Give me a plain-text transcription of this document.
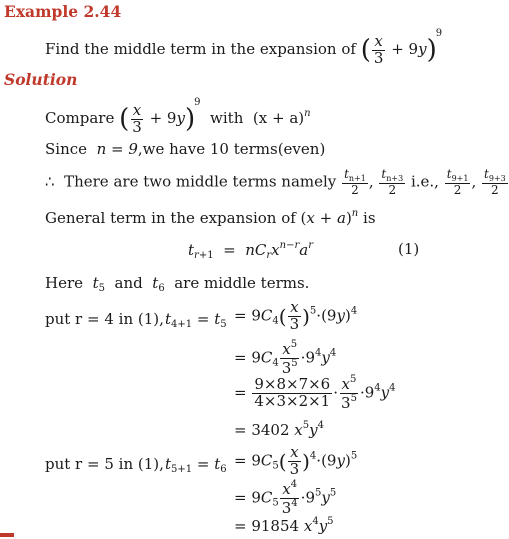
Example 2.44
Find the middle term in the expansion of ( $\frac{x}{3} + 9y)^9$
Solution
Compare ( $\frac{x}{3} + 9y)^9$  with $(x + a)^n$
Since n = 9,we have 10 terms(even)
∴ There are two middle terms namely $\frac{t_{n+1}}{2}$ , $\frac{t_{n+3}}{2} i.e$., $\frac{t_{9+1}}{2}$ , $\frac{t_{9+3}}{2}$
General term in the expansion of $(x + a)^n$ is
$t_{r+1} = nC_rx^{n-r}a^r$	(1)
Here $t_5$ and $t_6$ are middle terms.
put r = 4 in (1), $t_{4+1} = t_5$
= $9C_4( \frac{x}{3} )^5\cdot(9y)^4$
= $9C_4 \frac{x^5}{3^5} \cdot 9^4y^4$
= $\frac{9\times 8\times 7\times 6}{4\times 3\times 2\times 1} \cdot \frac{x^5}{3^5} \cdot 9^4y^4$
= 3402 $x^5y^4$
put r = 5 in (1), $t_{5+1} = t_6$
= $9C_5( \frac{x}{3} )^4\cdot(9y)^5$
= $9C_5 \frac{x^4}{3^4} \cdot 9^5y^5$
= 91854 $x^4y^5$
